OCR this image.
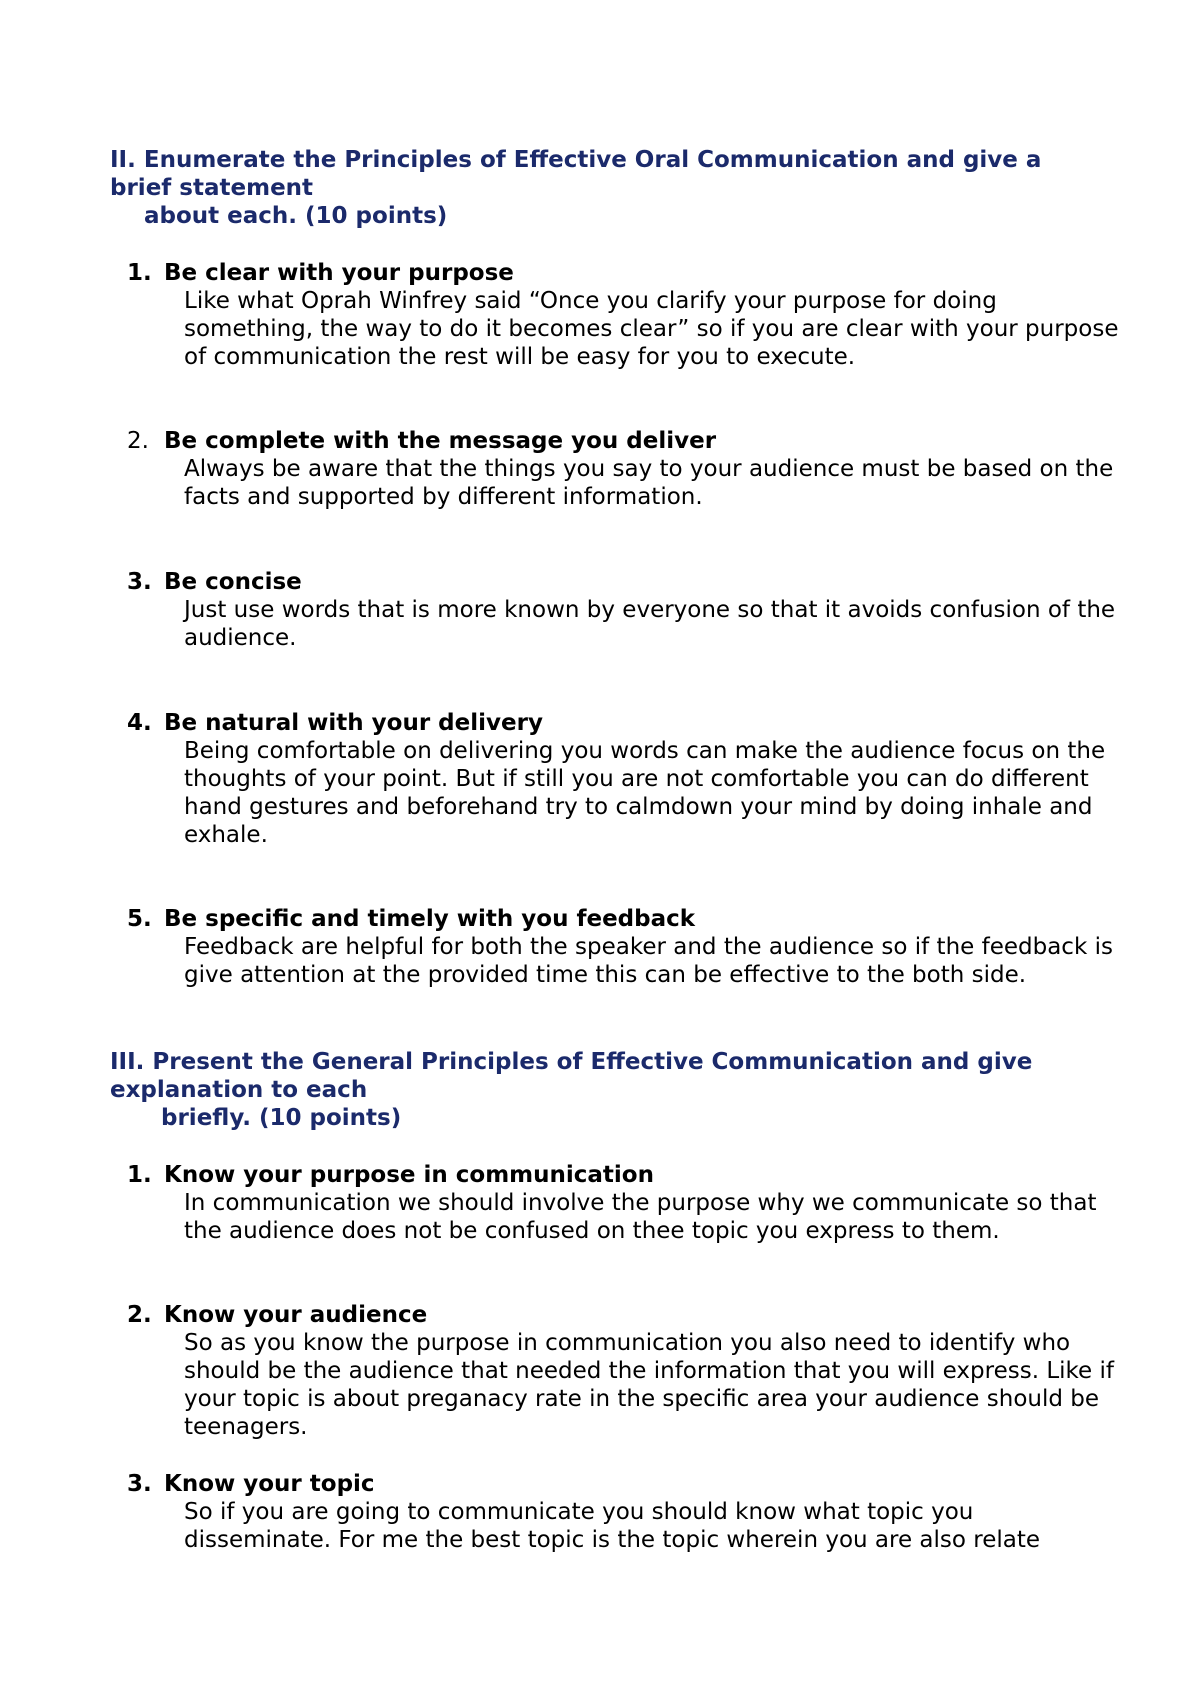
II. Enumerate the Principles of Effective Oral Communication and give a
brief statement
about each. (10 points)

1. Be clear with your purpose

Like what Oprah Winfrey said “Once you clarify your purpose for doing something, the way to do it becomes clear” so if you are clear with your purpose of communication the rest will be easy for you to execute.

2. Be complete with the message you deliver

Always be aware that the things you say to your audience must be based on the facts and supported by different information.

3. Be concise

Just use words that is more known by everyone so that it avoids confusion of the audience.

4. Be natural with your delivery

Being comfortable on delivering you words can make the audience focus on the thoughts of your point. But if still you are not comfortable you can do different hand gestures and beforehand try to calmdown your mind by doing inhale and exhale.

5. Be specific and timely with you feedback

Feedback are helpful for both the speaker and the audience so if the feedback is give attention at the provided time this can be effective to the both side.

III. Present the General Principles of Effective Communication and give
explanation to each
briefly. (10 points)

1. Know your purpose in communication

In communication we should involve the purpose why we communicate so that the audience does not be confused on thee topic you express to them.

2. Know your audience

So as you know the purpose in communication you also need to identify who should be the audience that needed the information that you will express. Like if your topic is about preganacy rate in the specific area your audience should be teenagers.

3. Know your topic

So if you are going to communicate you should know what topic you disseminate. For me the best topic is the topic wherein you are also relate
